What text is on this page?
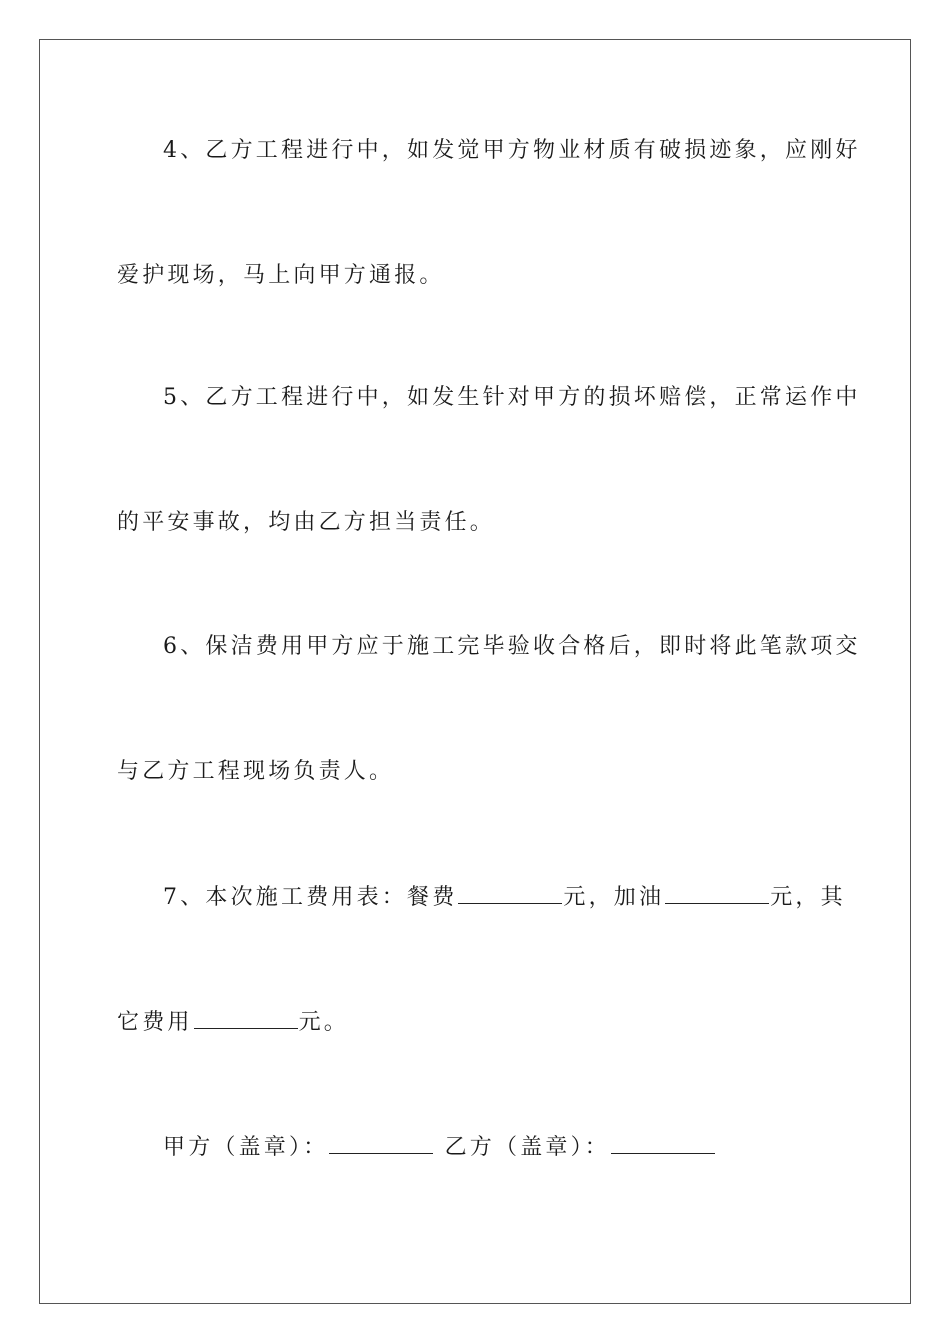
4、乙方工程进行中，如发觉甲方物业材质有破损迹象，应刚好
爱护现场，马上向甲方通报。
5、乙方工程进行中，如发生针对甲方的损坏赔偿，正常运作中
的平安事故，均由乙方担当责任。
6、保洁费用甲方应于施工完毕验收合格后，即时将此笔款项交
与乙方工程现场负责人。
7、本次施工费用表：餐费	元，加油	元，其
它费用	元。
甲方（盖章）：	乙方（盖章）：
